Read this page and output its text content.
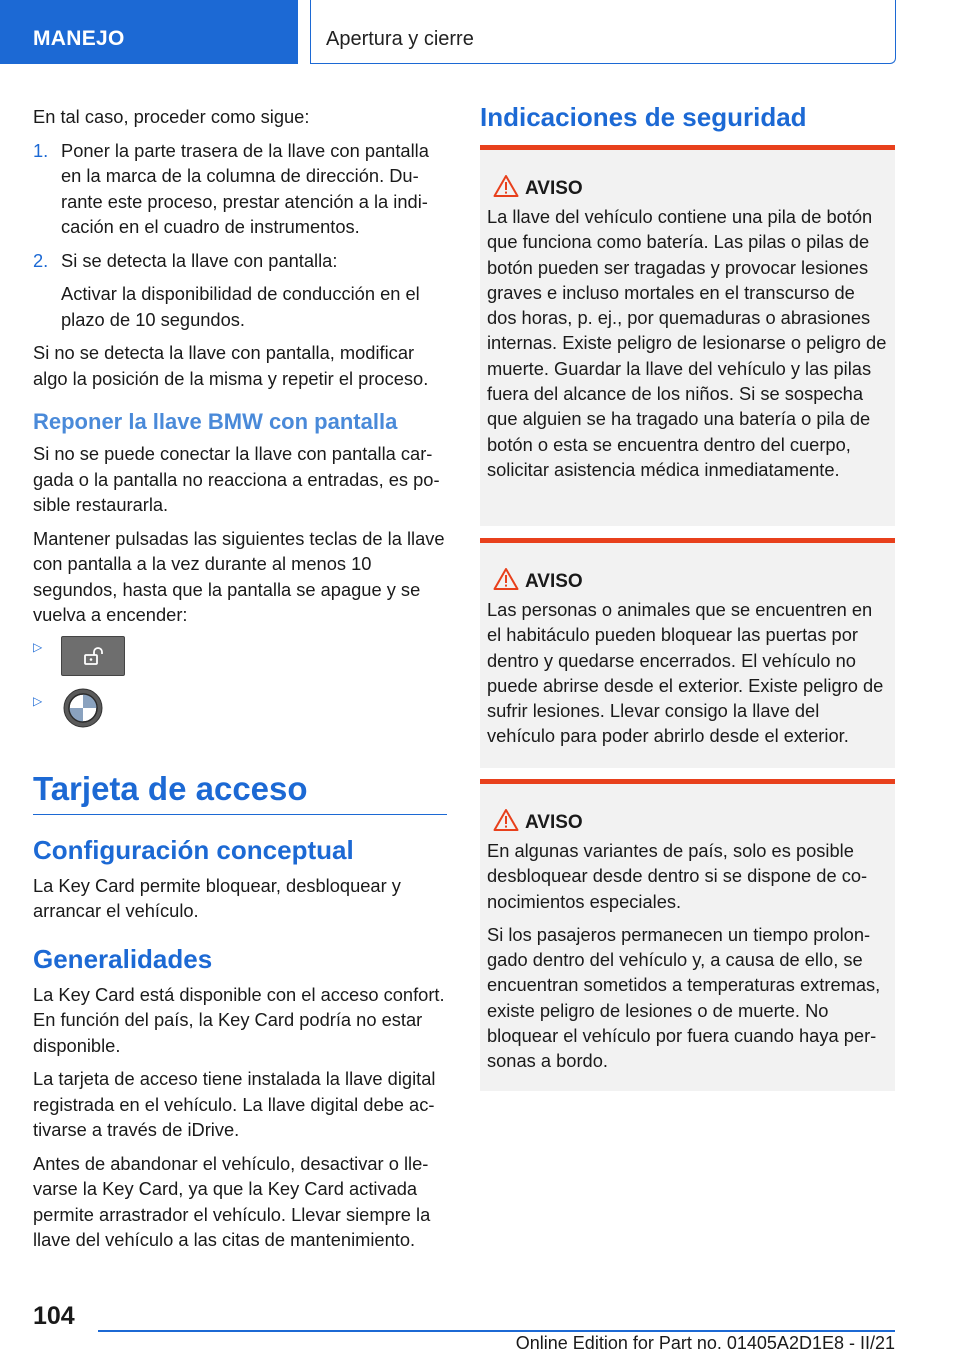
MANEJO	Apertura y cierre

En tal caso, proceder como sigue:

1. Poner la parte trasera de la llave con pantalla en la marca de la columna de dirección. Durante este proceso, prestar atención a la indicación en el cuadro de instrumentos.
2. Si se detecta la llave con pantalla:
Activar la disponibilidad de conducción en el plazo de 10 segundos.

Si no se detecta la llave con pantalla, modificar algo la posición de la misma y repetir el proceso.

Reponer la llave BMW con pantalla

Si no se puede conectar la llave con pantalla cargada o la pantalla no reacciona a entradas, es posible restaurarla.

Mantener pulsadas las siguientes teclas de la llave con pantalla a la vez durante al menos 10 segundos, hasta que la pantalla se apague y se vuelva a encender:

▷
▷
Tarjeta de acceso
Configuración conceptual

La Key Card permite bloquear, desbloquear y arrancar el vehículo.

Generalidades

La Key Card está disponible con el acceso confort. En función del país, la Key Card podría no estar disponible.

La tarjeta de acceso tiene instalada la llave digital registrada en el vehículo. La llave digital debe activarse a través de iDrive.

Antes de abandonar el vehículo, desactivar o llevarse la Key Card, ya que la Key Card activada permite arrastrador el vehículo. Llevar siempre la llave del vehículo a las citas de mantenimiento.

Indicaciones de seguridad
AVISO

La llave del vehículo contiene una pila de botón que funciona como batería. Las pilas o pilas de botón pueden ser tragadas y provocar lesiones graves e incluso mortales en el transcurso de dos horas, p. ej., por quemaduras o abrasiones internas. Existe peligro de lesionarse o peligro de muerte. Guardar la llave del vehículo y las pilas fuera del alcance de los niños. Si se sospecha que alguien se ha tragado una batería o pila de botón o esta se encuentra dentro del cuerpo, solicitar asistencia médica inmediatamente.

AVISO

Las personas o animales que se encuentren en el habitáculo pueden bloquear las puertas por dentro y quedarse encerrados. El vehículo no puede abrirse desde el exterior. Existe peligro de sufrir lesiones. Llevar consigo la llave del vehículo para poder abrirlo desde el exterior.

AVISO

En algunas variantes de país, solo es posible desbloquear desde dentro si se dispone de conocimientos especiales.

Si los pasajeros permanecen un tiempo prolongado dentro del vehículo y, a causa de ello, se encuentran sometidos a temperaturas extremas, existe peligro de lesiones o de muerte. No bloquear el vehículo por fuera cuando haya personas a bordo.

104
Online Edition for Part no. 01405A2D1E8 - II/21
